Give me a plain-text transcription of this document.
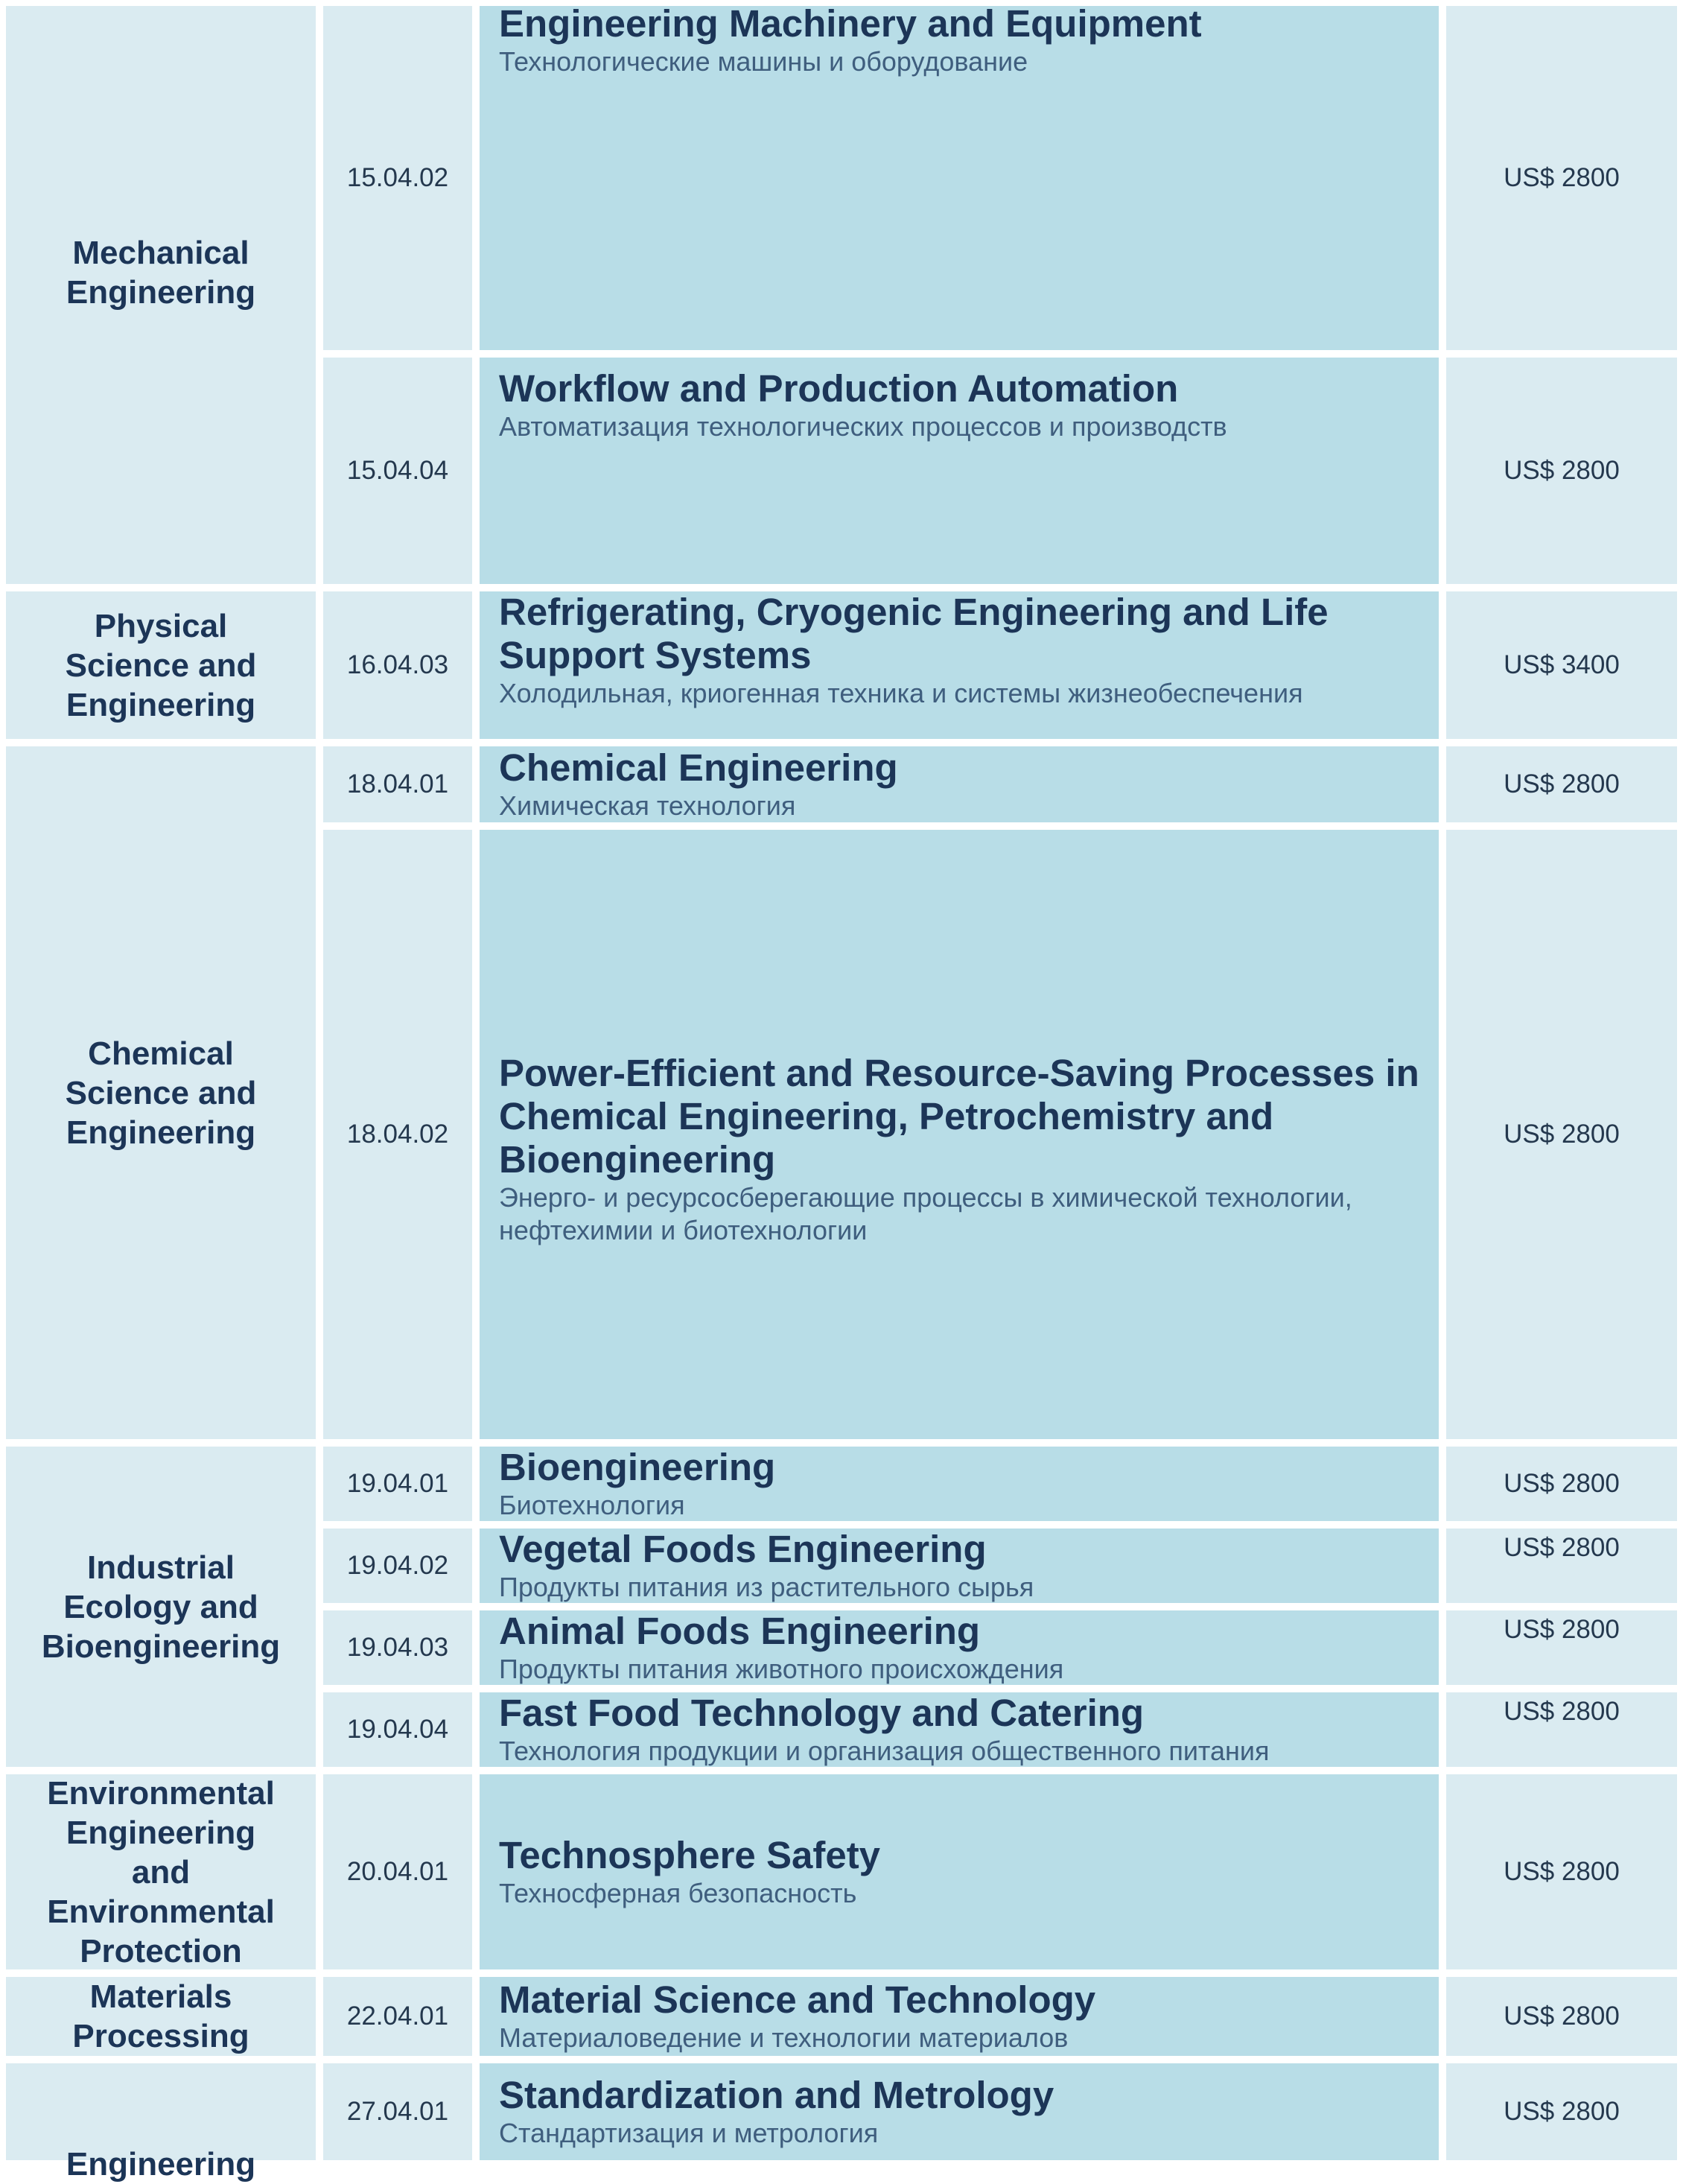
Mechanical
Engineering
Physical
Science and
Engineering
Chemical
Science and
Engineering
Industrial
Ecology and
Bioengineering
Environmental
Engineering
and
Environmental
Protection
Materials
Processing
Engineering
15.04.02
Engineering Machinery and Equipment
Технологические машины и оборудование
US$ 2800
15.04.04
Workflow and Production Automation
Автоматизация технологических процессов и производств
US$ 2800
16.04.03
Refrigerating, Cryogenic Engineering and Life
Support Systems
Холодильная, криогенная техника и системы жизнеобеспечения
US$ 3400
18.04.01 Chemical Engineering
Химическая технология
US$ 2800
18.04.02
Power-Efficient and Resource-Saving Processes in
Chemical Engineering, Petrochemistry and
Bioengineering
Энерго- и ресурсосберегающие процессы в химической технологии,
нефтехимии и биотехнологии
US$ 2800
19.04.01 Bioengineering
Биотехнология
US$ 2800
19.04.02 Vegetal Foods Engineering
Продукты питания из растительного сырья
US$ 2800
19.04.03 Animal Foods Engineering
Продукты питания животного происхождения
US$ 2800
19.04.04 Fast Food Technology and Catering
Технология продукции и организация общественного питания
US$ 2800
20.04.01 Technosphere Safety
Техносферная безопасность
US$ 2800
22.04.01 Material Science and Technology
Материаловедение и технологии материалов
US$ 2800
27.04.01 Standardization and Metrology
Стандартизация и метрология
US$ 2800
